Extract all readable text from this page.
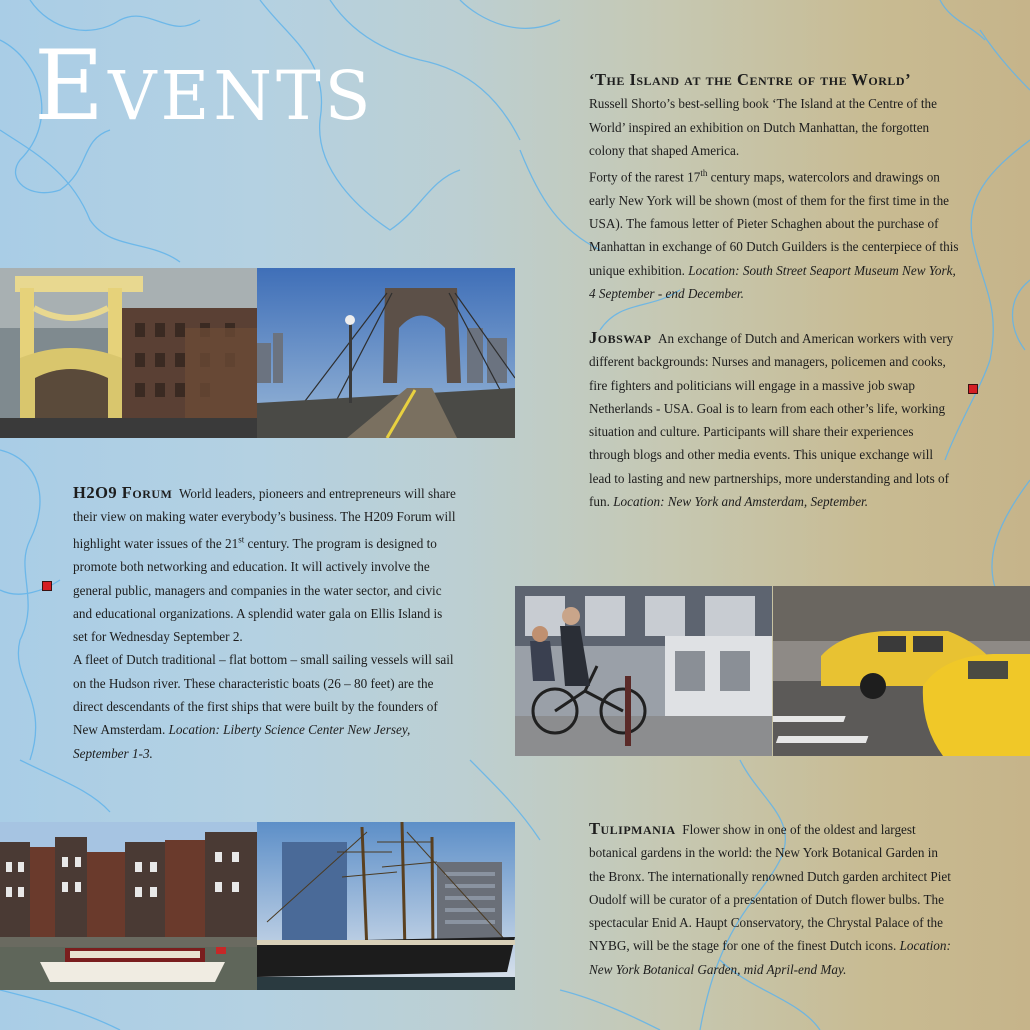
Events	‘The Island at the Centre of the World’

Russell Shorto’s best-selling book ‘The Island at the Centre of the World’ inspired an exhibition on Dutch Manhattan, the forgotten colony that shaped America.

Forty of the rarest 17th century maps, watercolors and drawings on early New York will be shown (most of them for the first time in the USA). The famous letter of Pieter Schaghen about the purchase of Manhattan in exchange of 60 Dutch Guilders is the centerpiece of this unique exhibition. Location: South Street Seaport Museum New York, 4 September - end December.

Jobswap An exchange of Dutch and American workers with very different backgrounds: Nurses and managers, policemen and cooks, fire fighters and politicians will engage in a massive job swap Netherlands - USA. Goal is to learn from each other’s life, working situation and culture. Participants will share their experiences through blogs and other media events. This unique exchange will lead to lasting and new partnerships, more understanding and lots of fun. Location: New York and Amsterdam, September.

H2O9 Forum World leaders, pioneers and entrepreneurs will share their view on making water everybody’s business. The H209 Forum will highlight water issues of the 21st century. The program is designed to promote both networking and education. It will actively involve the general public, managers and companies in the water sector, and civic and educational organizations. A splendid water gala on Ellis Island is set for Wednesday September 2.

A fleet of Dutch traditional – flat bottom – small sailing vessels will sail on the Hudson river. These characteristic boats (26 – 80 feet) are the direct descendants of the first ships that were built by the founders of New Amsterdam. Location: Liberty Science Center New Jersey, September 1-3.

Tulipmania Flower show in one of the oldest and largest botanical gardens in the world: the New York Botanical Garden in the Bronx. The internationally renowned Dutch garden architect Piet Oudolf will be curator of a presentation of Dutch flower bulbs. The spectacular Enid A. Haupt Conservatory, the Chrystal Palace of the NYBG, will be the stage for one of the finest Dutch icons. Location: New York Botanical Garden, mid April-end May.
